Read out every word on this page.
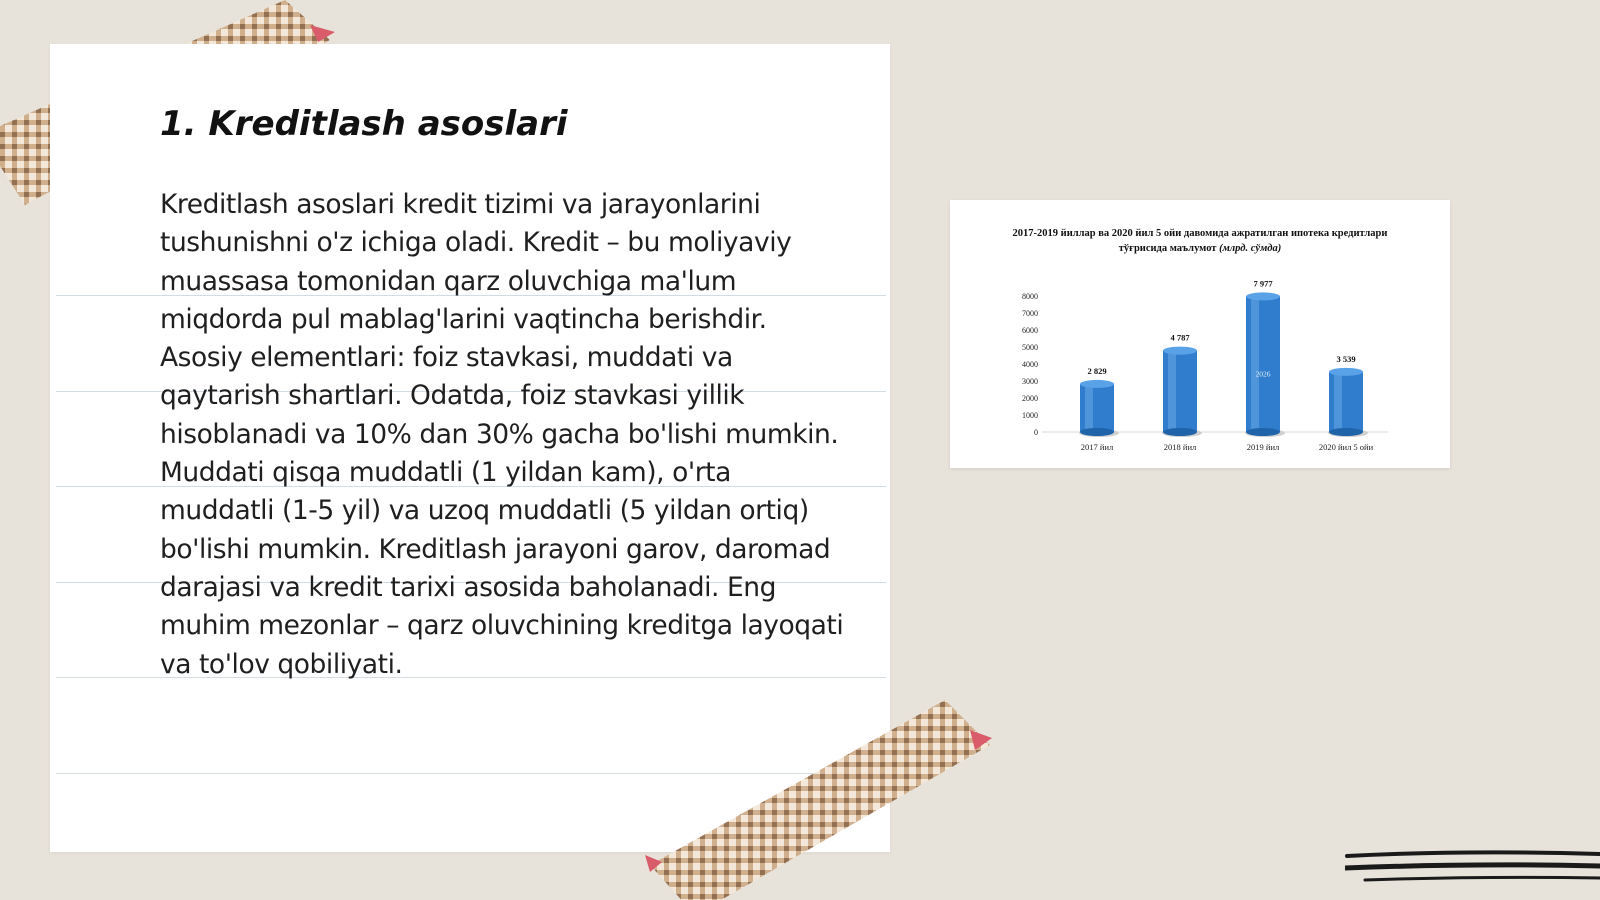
1. Kreditlash asoslari

Kreditlash asoslari kredit tizimi va jarayonlarini tushunishni o'z ichiga oladi. Kredit – bu moliyaviy muassasa tomonidan qarz oluvchiga ma'lum miqdorda pul mablag'larini vaqtincha berishdir. Asosiy elementlari: foiz stavkasi, muddati va qaytarish shartlari. Odatda, foiz stavkasi yillik hisoblanadi va 10% dan 30% gacha bo'lishi mumkin. Muddati qisqa muddatli (1 yildan kam), o'rta muddatli (1-5 yil) va uzoq muddatli (5 yildan ortiq) bo'lishi mumkin. Kreditlash jarayoni garov, daromad darajasi va kredit tarixi asosida baholanadi. Eng muhim mezonlar – qarz oluvchining kreditga layoqati va to'lov qobiliyati.

2017-2019 йиллар ва 2020 йил 5 ойи давомида ажратилган ипотека кредитлари
тўғрисида маълумот (млрд. сўмда)
0
1000
2000
3000
4000
5000
6000
7000
8000
2 829
4 787
7 977
3 539
2026
2017 йил	2018 йил	2019 йил	2020 йил 5 ойи
